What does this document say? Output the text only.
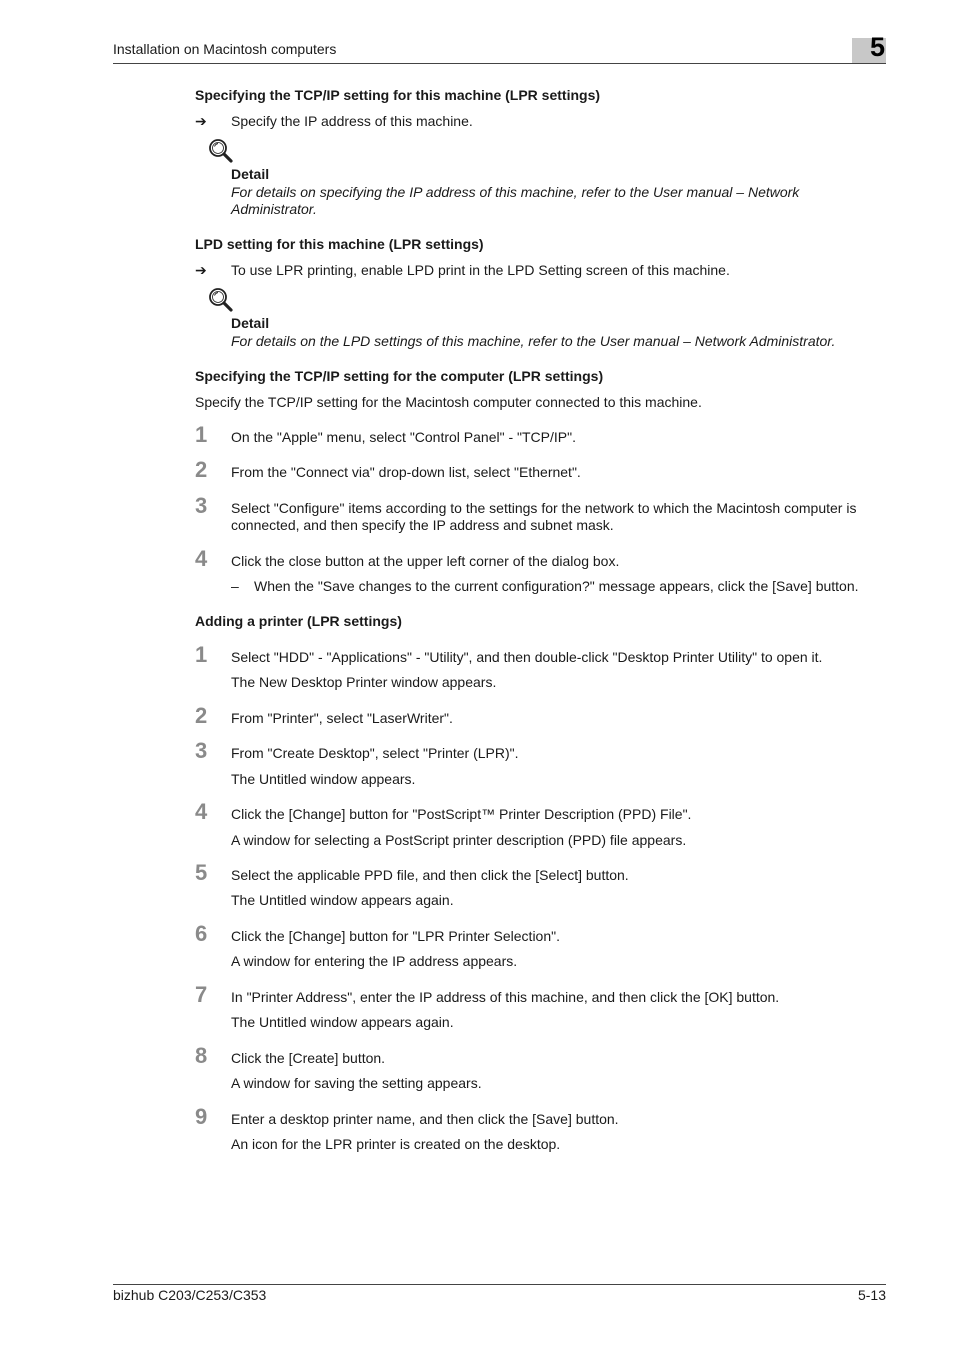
Installation on Macintosh computers	5
Specifying the TCP/IP setting for this machine (LPR settings)
➔ Specify the IP address of this machine.
Detail
For details on specifying the IP address of this machine, refer to the User manual – Network Administrator.
LPD setting for this machine (LPR settings)
➔ To use LPR printing, enable LPD print in the LPD Setting screen of this machine.
Detail
For details on the LPD settings of this machine, refer to the User manual – Network Administrator.
Specifying the TCP/IP setting for the computer (LPR settings)
Specify the TCP/IP setting for the Macintosh computer connected to this machine.
1 On the "Apple" menu, select "Control Panel" - "TCP/IP".
2 From the "Connect via" drop-down list, select "Ethernet".
3 Select "Configure" items according to the settings for the network to which the Macintosh computer is connected, and then specify the IP address and subnet mask.
4 Click the close button at the upper left corner of the dialog box.
– When the "Save changes to the current configuration?" message appears, click the [Save] button.
Adding a printer (LPR settings)
1 Select "HDD" - "Applications" - "Utility", and then double-click "Desktop Printer Utility" to open it.
The New Desktop Printer window appears.
2 From "Printer", select "LaserWriter".
3 From "Create Desktop", select "Printer (LPR)".
The Untitled window appears.
4 Click the [Change] button for "PostScript™ Printer Description (PPD) File".
A window for selecting a PostScript printer description (PPD) file appears.
5 Select the applicable PPD file, and then click the [Select] button.
The Untitled window appears again.
6 Click the [Change] button for "LPR Printer Selection".
A window for entering the IP address appears.
7 In "Printer Address", enter the IP address of this machine, and then click the [OK] button.
The Untitled window appears again.
8 Click the [Create] button.
A window for saving the setting appears.
9 Enter a desktop printer name, and then click the [Save] button.
An icon for the LPR printer is created on the desktop.
bizhub C203/C253/C353	5-13
